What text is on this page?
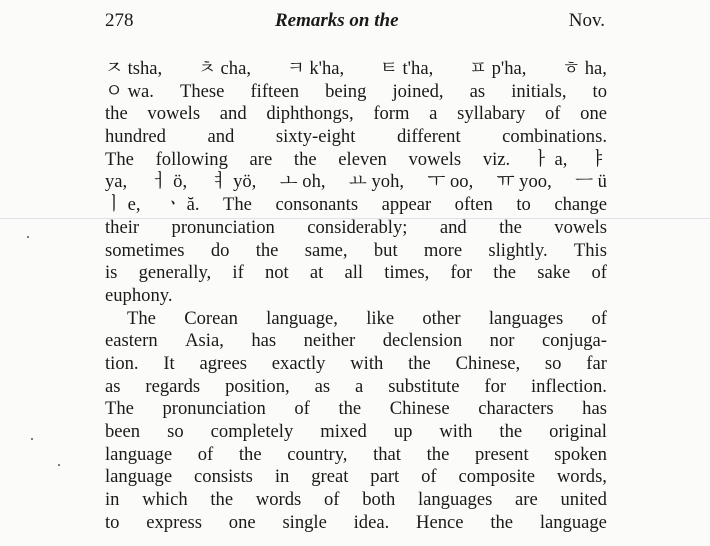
278	Remarks on the	Nov.
ㅈ tsha, ㅊ cha, ㅋ k'ha, ㅌ t'ha, ㅍ p'ha, ㅎ ha,
ㅇ wa. These fifteen being joined, as initials, to
the vowels and diphthongs, form a syllabary of one
hundred and sixty-eight different combinations.
The following are the eleven vowels viz. ㅏ a, ㅑ
ya, ㅓ ö, ㅕ yö, ㅗ oh, ㅛ yoh, ㅜ oo, ㅠ yoo, ㅡ ü
ㅣ e, ㆍ ă. The consonants appear often to change
their pronunciation considerably; and the vowels
sometimes do the same, but more slightly. This
is generally, if not at all times, for the sake of
euphony.
The Corean language, like other languages of
eastern Asia, has neither declension nor conjuga-
tion. It agrees exactly with the Chinese, so far
as regards position, as a substitute for inflection.
The pronunciation of the Chinese characters has
been so completely mixed up with the original
language of the country, that the present spoken
language consists in great part of composite words,
in which the words of both languages are united
to express one single idea. Hence the language
